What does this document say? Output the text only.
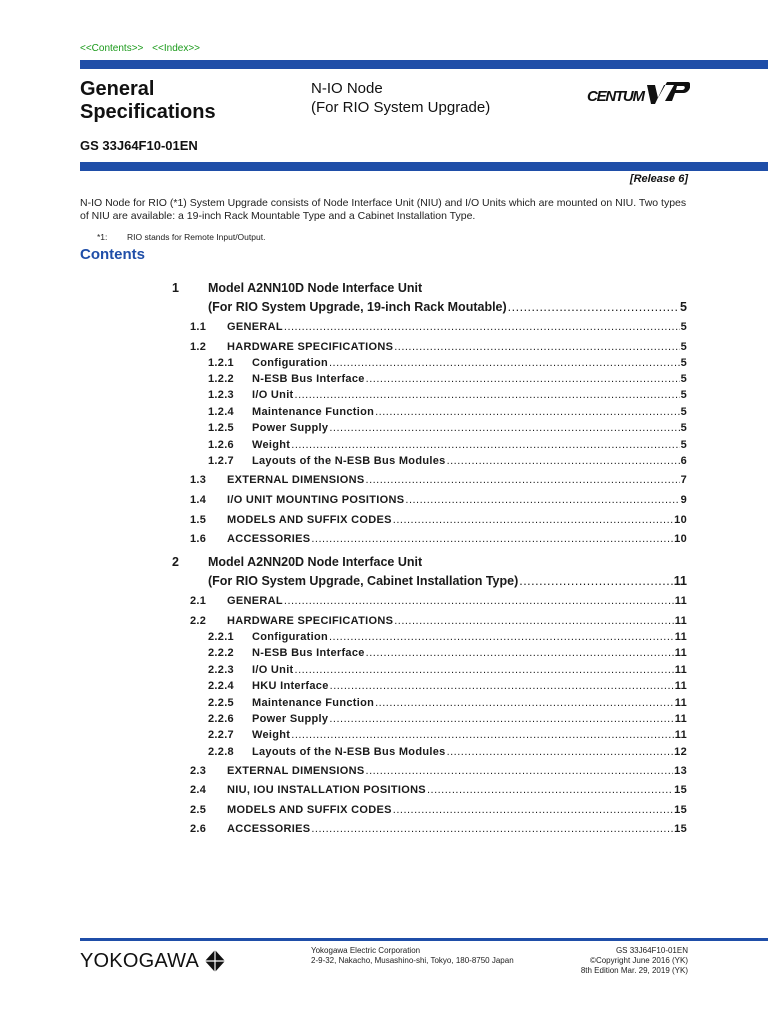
<<Contents>> <<Index>>
General
Specifications
N-IO Node
(For RIO System Upgrade)
CENTUM
GS 33J64F10-01EN
[Release 6]

N-IO Node for RIO (*1) System Upgrade consists of Node Interface Unit (NIU) and I/O Units which are mounted on NIU. Two types of NIU are available: a 19-inch Rack Mountable Type and a Cabinet Installation Type.

*1: RIO stands for Remote Input/Output.
Contents
1 Model A2NN10D Node Interface Unit
(For RIO System Upgrade, 19-inch Rack Moutable) .....	5
1.1	GENERAL .....	5
1.2	HARDWARE SPECIFICATIONS .....	5
1.2.1	Configuration .....	5
1.2.2	N-ESB Bus Interface .....	5
1.2.3	I/O Unit .....	5
1.2.4	Maintenance Function .....	5
1.2.5	Power Supply .....	5
1.2.6	Weight .....	5
1.2.7	Layouts of the N-ESB Bus Modules .....	6
1.3	EXTERNAL DIMENSIONS .....	7
1.4	I/O UNIT MOUNTING POSITIONS .....	9
1.5	MODELS AND SUFFIX CODES .....	10
1.6	ACCESSORIES .....	10
2 Model A2NN20D Node Interface Unit
(For RIO System Upgrade, Cabinet Installation Type) .....	11
2.1	GENERAL .....	11
2.2	HARDWARE SPECIFICATIONS .....	11
2.2.1	Configuration .....	11
2.2.2	N-ESB Bus Interface .....	11
2.2.3	I/O Unit .....	11
2.2.4	HKU Interface .....	11
2.2.5	Maintenance Function .....	11
2.2.6	Power Supply .....	11
2.2.7	Weight .....	11
2.2.8	Layouts of the N-ESB Bus Modules .....	12
2.3	EXTERNAL DIMENSIONS .....	13
2.4	NIU, IOU INSTALLATION POSITIONS .....	15
2.5	MODELS AND SUFFIX CODES .....	15
2.6	ACCESSORIES .....	15
YOKOGAWA	Yokogawa Electric Corporation
2-9-32, Nakacho, Musashino-shi, Tokyo, 180-8750 Japan
GS 33J64F10-01EN
©Copyright June 2016 (YK)
8th Edition Mar. 29, 2019 (YK)
